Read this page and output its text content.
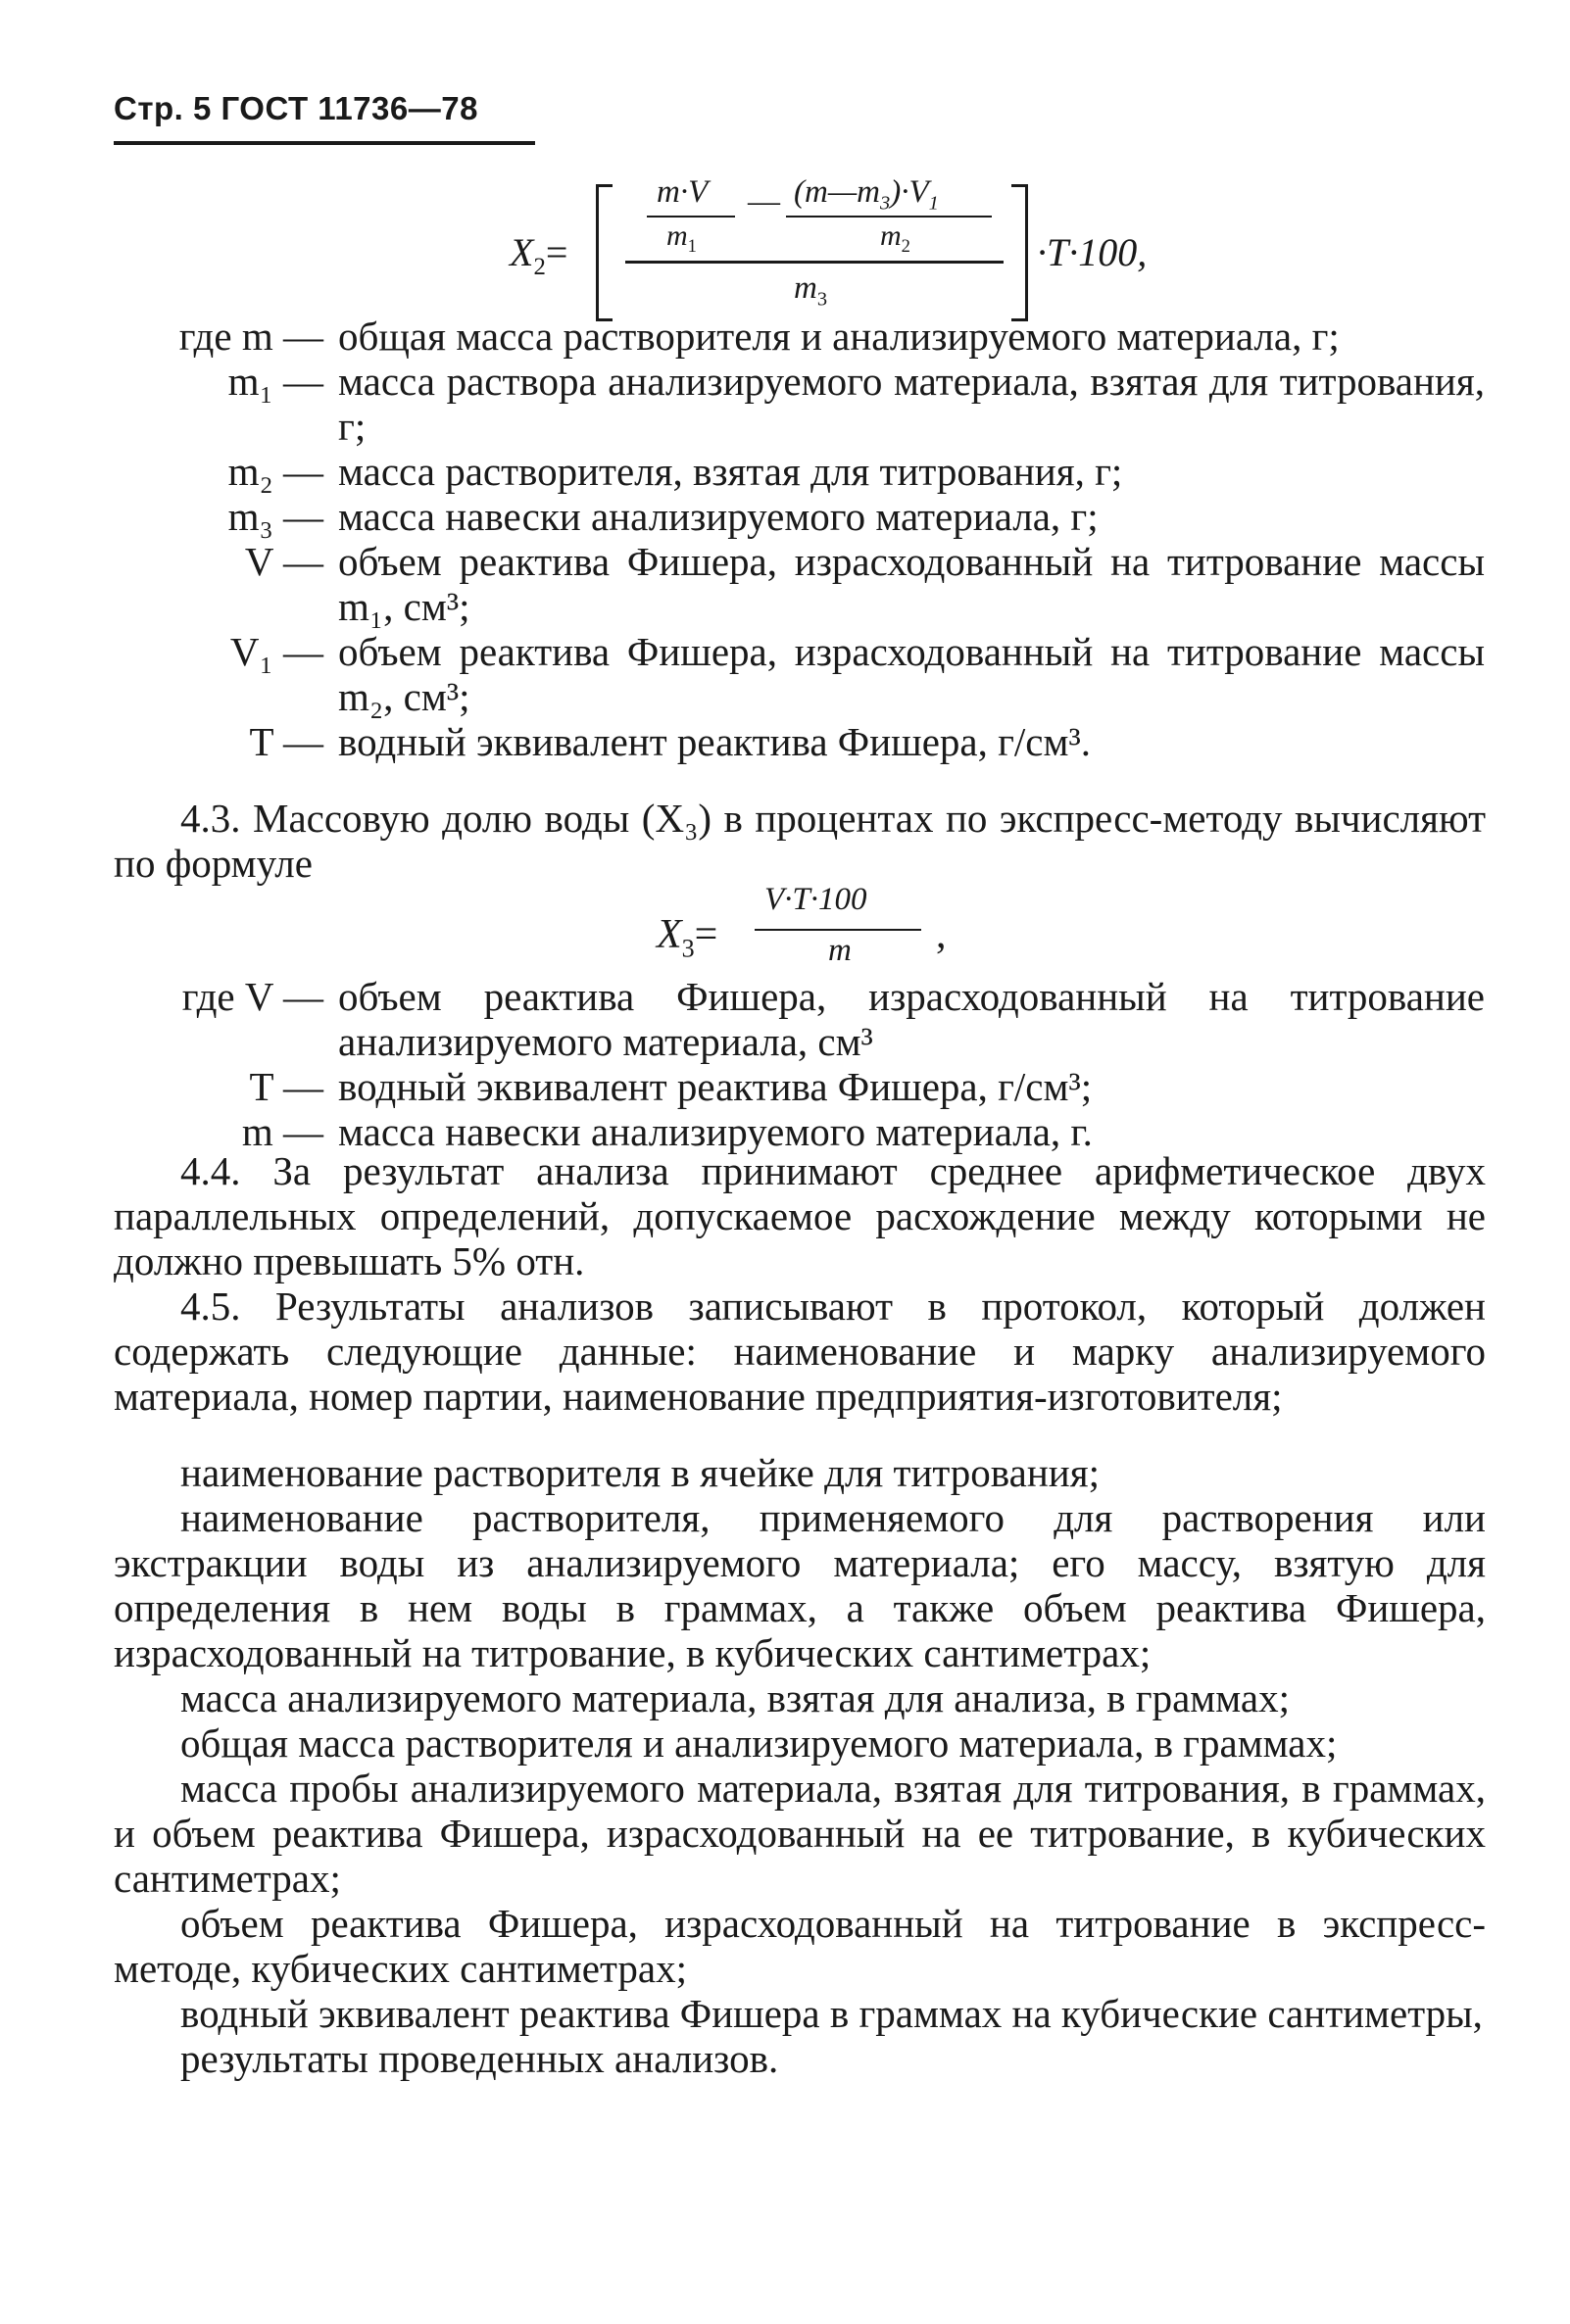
Стр. 5 ГОСТ 11736—78
$X_2=$
m·V
$m_1$
— $(m—m_3)\cdot V_1$
$m_2$
$m_3$
·T·100,
где m — общая масса растворителя и анализируемого материала, г;
m₁ — масса раствора анализируемого материала, взятая для титрования, г;
m₂ — масса растворителя, взятая для титрования, г;
m₃ — масса навески анализируемого материала, г;
V — объем реактива Фишера, израсходованный на титрование массы m₁, см³;
V₁ — объем реактива Фишера, израсходованный на титрование массы m₂, см³;
T — водный эквивалент реактива Фишера, г/см³.
4.3. Массовую долю воды (X₃) в процентах по экспресс-методу вычисляют по формуле
$X_3=$
V·T·100
m ,
где V — объем реактива Фишера, израсходованный на титрование анализируемого материала, см³
T — водный эквивалент реактива Фишера, г/см³;
m — масса навески анализируемого материала, г.
4.4. За результат анализа принимают среднее арифметическое двух параллельных определений, допускаемое расхождение между которыми не должно превышать 5% отн.
4.5. Результаты анализов записывают в протокол, который должен содержать следующие данные: наименование и марку анализируемого материала, номер партии, наименование предприятия-изготовителя;

наименование растворителя в ячейке для титрования;

наименование растворителя, применяемого для растворения или экстракции воды из анализируемого материала; его массу, взятую для определения в нем воды в граммах, а также объем реактива Фишера, израсходованный на титрование, в кубических сантиметрах;

масса анализируемого материала, взятая для анализа, в граммах;

общая масса растворителя и анализируемого материала, в граммах;

масса пробы анализируемого материала, взятая для титрования, в граммах, и объем реактива Фишера, израсходованный на ее титрование, в кубических сантиметрах;

объем реактива Фишера, израсходованный на титрование в экспресс-методе, кубических сантиметрах;

водный эквивалент реактива Фишера в граммах на кубические сантиметры,

результаты проведенных анализов.
